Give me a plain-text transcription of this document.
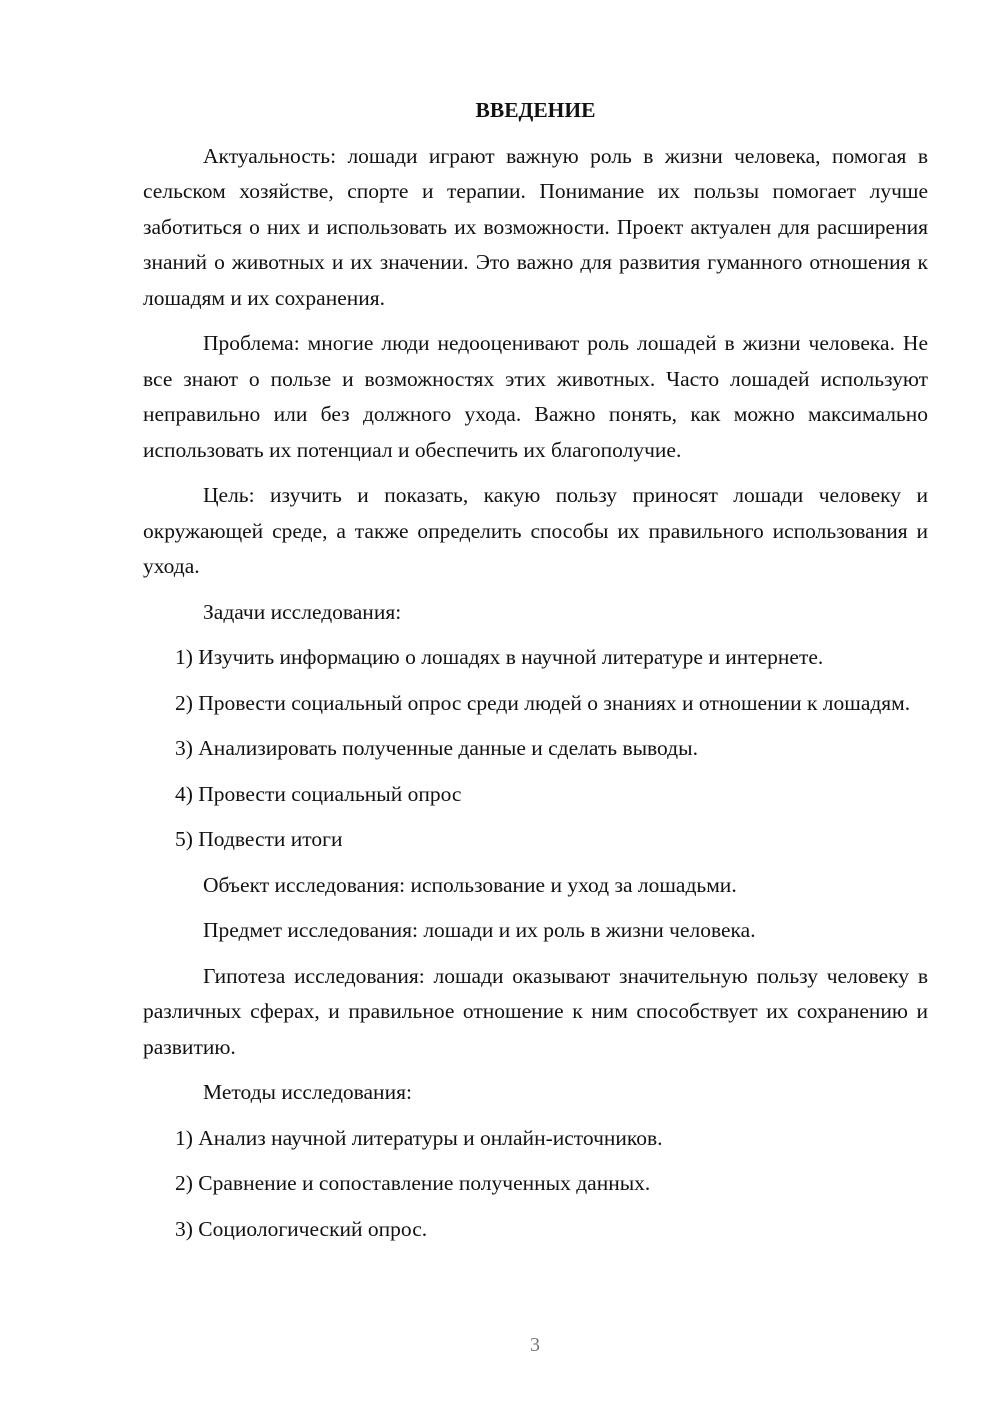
ВВЕДЕНИЕ

Актуальность: лошади играют важную роль в жизни человека, помогая в сельском хозяйстве, спорте и терапии. Понимание их пользы помогает лучше заботиться о них и использовать их возможности. Проект актуален для расширения знаний о животных и их значении. Это важно для развития гуманного отношения к лошадям и их сохранения.

Проблема: многие люди недооценивают роль лошадей в жизни человека. Не все знают о пользе и возможностях этих животных. Часто лошадей используют неправильно или без должного ухода. Важно понять, как можно максимально использовать их потенциал и обеспечить их благополучие.

Цель: изучить и показать, какую пользу приносят лошади человеку и окружающей среде, а также определить способы их правильного использования и ухода.

Задачи исследования:

1) Изучить информацию о лошадях в научной литературе и интернете.

2) Провести социальный опрос среди людей о знаниях и отношении к лошадям.

3) Анализировать полученные данные и сделать выводы.

4) Провести социальный опрос

5) Подвести итоги

Объект исследования: использование и уход за лошадьми.

Предмет исследования: лошади и их роль в жизни человека.

Гипотеза исследования: лошади оказывают значительную пользу человеку в различных сферах, и правильное отношение к ним способствует их сохранению и развитию.

Методы исследования:

1) Анализ научной литературы и онлайн-источников.

2) Сравнение и сопоставление полученных данных.

3) Социологический опрос.

3
